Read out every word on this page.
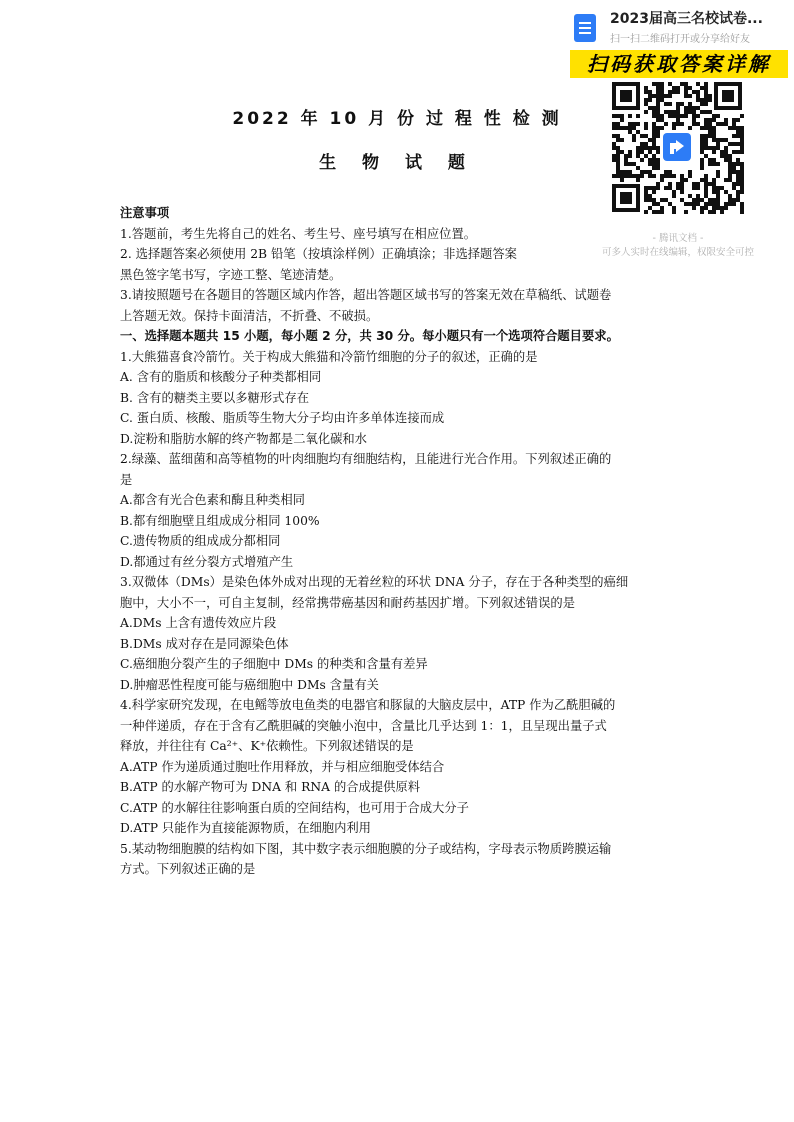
2022 年 10 月 份 过 程 性 检 测
生 物 试 题
2023届高三名校试卷...
扫一扫二维码打开或分享给好友
扫码获取答案详解
- 腾讯文档 -
可多人实时在线编辑，权限安全可控

注意事项

1.答题前，考生先将自己的姓名、考生号、座号填写在相应位置。

2. 选择题答案必须使用 2B 铅笔（按填涂样例）正确填涂；非选择题答案

黑色签字笔书写，字迹工整、笔迹清楚。

3.请按照题号在各题目的答题区域内作答，超出答题区域书写的答案无效在草稿纸、试题卷

上答题无效。保持卡面清洁，不折叠、不破损。

一、选择题本题共 15 小题，每小题 2 分，共 30 分。每小题只有一个选项符合题目要求。

1.大熊猫喜食冷箭竹。关于构成大熊猫和冷箭竹细胞的分子的叙述，正确的是

A. 含有的脂质和核酸分子种类都相同

B. 含有的糖类主要以多糖形式存在

C. 蛋白质、核酸、脂质等生物大分子均由许多单体连接而成

D.淀粉和脂肪水解的终产物都是二氧化碳和水

2.绿藻、蓝细菌和高等植物的叶肉细胞均有细胞结构，且能进行光合作用。下列叙述正确的

是

A.都含有光合色素和酶且种类相同

B.都有细胞壁且组成成分相同 100%

C.遗传物质的组成成分都相同

D.都通过有丝分裂方式增殖产生

3.双微体（DMs）是染色体外成对出现的无着丝粒的环状 DNA 分子，存在于各种类型的癌细

胞中，大小不一，可自主复制，经常携带癌基因和耐药基因扩增。下列叙述错误的是

A.DMs 上含有遗传效应片段

B.DMs 成对存在是同源染色体

C.癌细胞分裂产生的子细胞中 DMs 的种类和含量有差异

D.肿瘤恶性程度可能与癌细胞中 DMs 含量有关

4.科学家研究发现，在电鳐等放电鱼类的电器官和豚鼠的大脑皮层中，ATP 作为乙酰胆碱的

一种伴递质，存在于含有乙酰胆碱的突触小泡中，含量比几乎达到 1：1，且呈现出量子式

释放，并往往有 Ca²⁺、K⁺依赖性。下列叙述错误的是

A.ATP 作为递质通过胞吐作用释放，并与相应细胞受体结合

B.ATP 的水解产物可为 DNA 和 RNA 的合成提供原料

C.ATP 的水解往往影响蛋白质的空间结构，也可用于合成大分子

D.ATP 只能作为直接能源物质，在细胞内利用

5.某动物细胞膜的结构如下图，其中数字表示细胞膜的分子或结构，字母表示物质跨膜运输

方式。下列叙述正确的是
